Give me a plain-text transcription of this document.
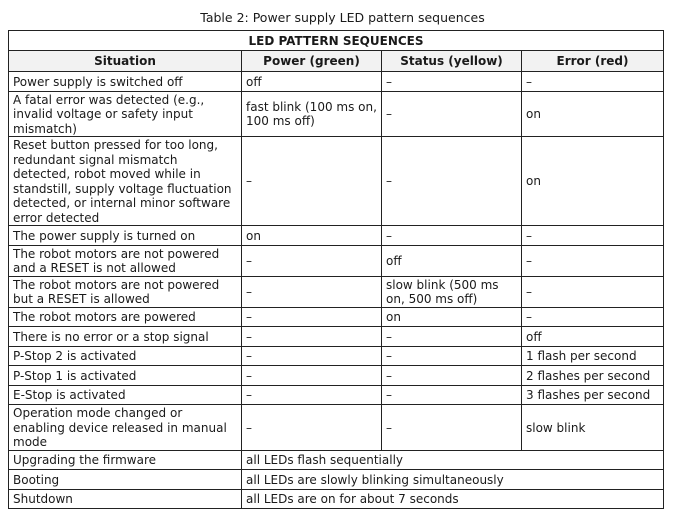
Table 2: Power supply LED pattern sequences
LED PATTERN SEQUENCES			
Situation	Power (green)	Status (yellow)	Error (red)
Power supply is switched off	off	–	–
A fatal error was detected (e.g., invalid voltage or safety input mismatch)	fast blink (100 ms on, 100 ms off)	–	on
Reset button pressed for too long, redundant signal mismatch detected, robot moved while in standstill, supply voltage fluctuation detected, or internal minor software error detected	–	–	on
The power supply is turned on	on	–	–
The robot motors are not powered and a RESET is not allowed	–	off	–
The robot motors are not powered but a RESET is allowed	–	slow blink (500 ms on, 500 ms off)	–
The robot motors are powered	–	on	–
There is no error or a stop signal	–	–	off
P-Stop 2 is activated	–	–	1 flash per second
P-Stop 1 is activated	–	–	2 flashes per second
E-Stop is activated	–	–	3 flashes per second
Operation mode changed or enabling device released in manual mode	–	–	slow blink
Upgrading the firmware	all LEDs flash sequentially		
Booting	all LEDs are slowly blinking simultaneously		
Shutdown	all LEDs are on for about 7 seconds		
